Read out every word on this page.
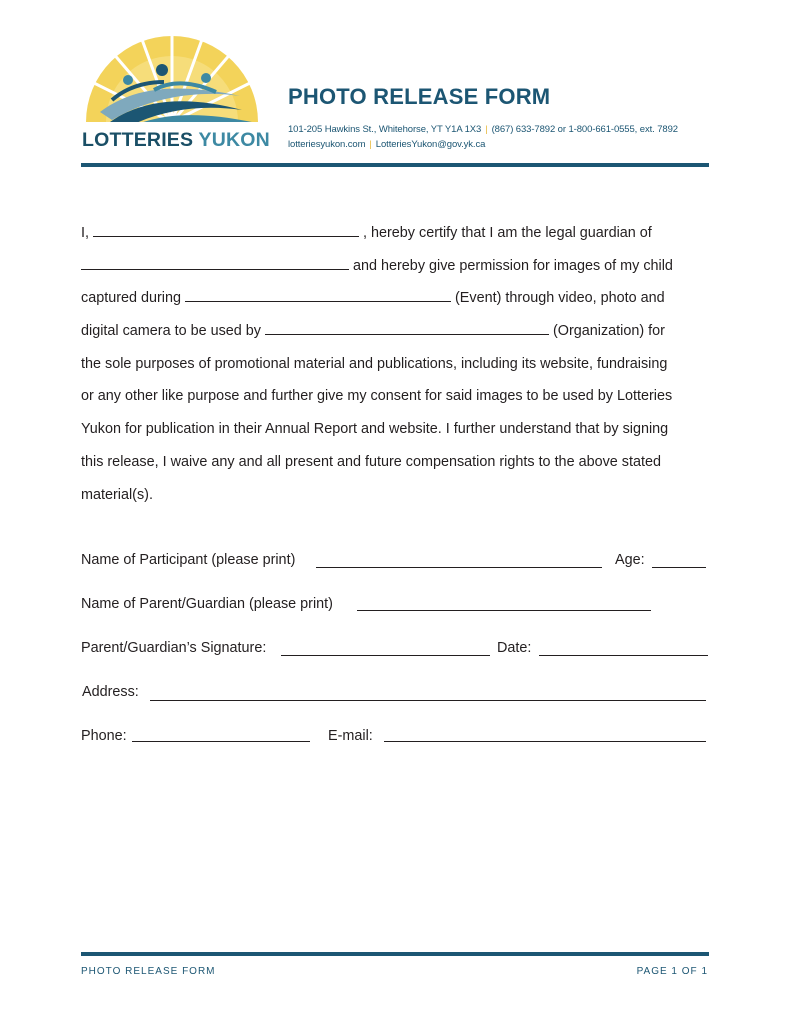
LOTTERIES YUKON
PHOTO RELEASE FORM
101-205 Hawkins St., Whitehorse, YT Y1A 1X3 | (867) 633-7892 or 1-800-661-0555, ext. 7892
lotteriesyukon.com | LotteriesYukon@gov.yk.ca
I,	, hereby certify that I am the legal guardian of
and hereby give permission for images of my child
captured during	(Event) through video, photo and
digital camera to be used by	(Organization) for
the sole purposes of promotional material and publications, including its website, fundraising
or any other like purpose and further give my consent for said images to be used by Lotteries
Yukon for publication in their Annual Report and website. I further understand that by signing
this release, I waive any and all present and future compensation rights to the above stated
material(s).
Name of Participant (please print)	Age:
Name of Parent/Guardian (please print)
Parent/Guardian’s Signature:	Date:
Address:
Phone:	E-mail:
PHOTO RELEASE FORM	PAGE 1 OF 1
